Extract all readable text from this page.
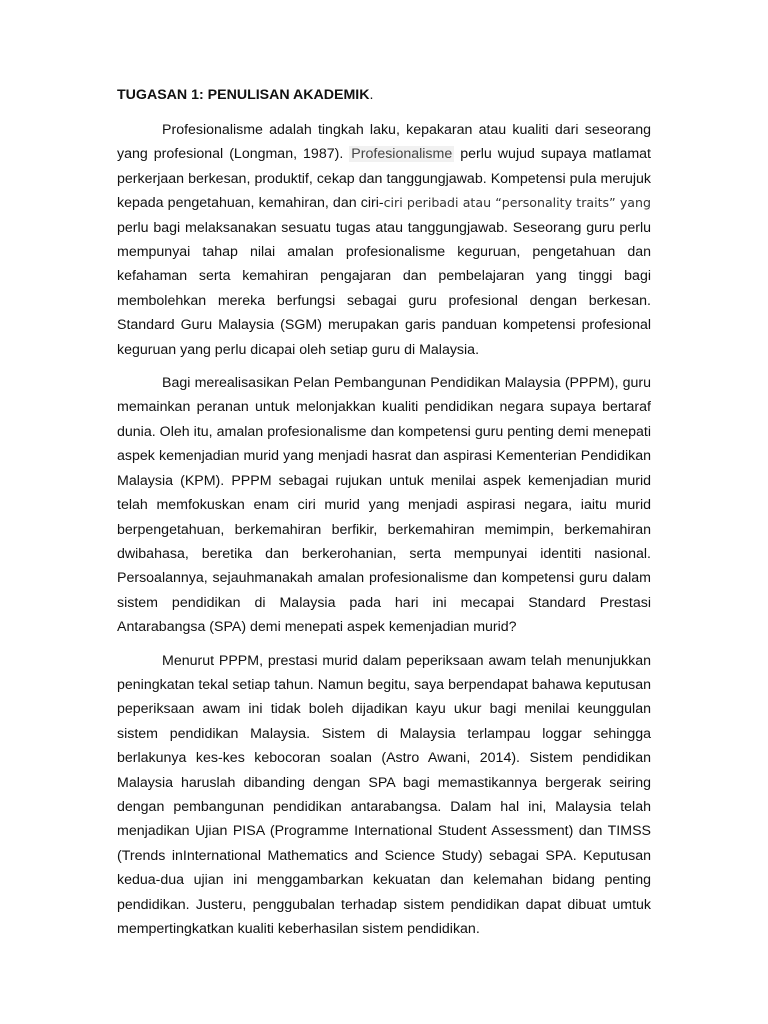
TUGASAN 1: PENULISAN AKADEMIK.

Profesionalisme adalah tingkah laku, kepakaran atau kualiti dari seseorang yang profesional (Longman, 1987). Profesionalisme perlu wujud supaya matlamat perkerjaan berkesan, produktif, cekap dan tanggungjawab. Kompetensi pula merujuk kepada pengetahuan, kemahiran, dan ciri-ciri peribadi atau “personality traits” yang perlu bagi melaksanakan sesuatu tugas atau tanggungjawab. Seseorang guru perlu mempunyai tahap nilai amalan profesionalisme keguruan, pengetahuan dan kefahaman serta kemahiran pengajaran dan pembelajaran yang tinggi bagi membolehkan mereka berfungsi sebagai guru profesional dengan berkesan. Standard Guru Malaysia (SGM) merupakan garis panduan kompetensi profesional keguruan yang perlu dicapai oleh setiap guru di Malaysia.

Bagi merealisasikan Pelan Pembangunan Pendidikan Malaysia (PPPM), guru memainkan peranan untuk melonjakkan kualiti pendidikan negara supaya bertaraf dunia. Oleh itu, amalan profesionalisme dan kompetensi guru penting demi menepati aspek kemenjadian murid yang menjadi hasrat dan aspirasi Kementerian Pendidikan Malaysia (KPM). PPPM sebagai rujukan untuk menilai aspek kemenjadian murid telah memfokuskan enam ciri murid yang menjadi aspirasi negara, iaitu murid berpengetahuan, berkemahiran berfikir, berkemahiran memimpin, berkemahiran dwibahasa, beretika dan berkerohanian, serta mempunyai identiti nasional. Persoalannya, sejauhmanakah amalan profesionalisme dan kompetensi guru dalam sistem pendidikan di Malaysia pada hari ini mecapai Standard Prestasi Antarabangsa (SPA) demi menepati aspek kemenjadian murid?

Menurut PPPM, prestasi murid dalam peperiksaan awam telah menunjukkan peningkatan tekal setiap tahun. Namun begitu, saya berpendapat bahawa keputusan peperiksaan awam ini tidak boleh dijadikan kayu ukur bagi menilai keunggulan sistem pendidikan Malaysia. Sistem di Malaysia terlampau loggar sehingga berlakunya kes-kes kebocoran soalan (Astro Awani, 2014). Sistem pendidikan Malaysia haruslah dibanding dengan SPA bagi memastikannya bergerak seiring dengan pembangunan pendidikan antarabangsa. Dalam hal ini, Malaysia telah menjadikan Ujian PISA (Programme International Student Assessment) dan TIMSS (Trends inInternational Mathematics and Science Study) sebagai SPA. Keputusan kedua-dua ujian ini menggambarkan kekuatan dan kelemahan bidang penting pendidikan. Justeru, penggubalan terhadap sistem pendidikan dapat dibuat umtuk mempertingkatkan kualiti keberhasilan sistem pendidikan.
